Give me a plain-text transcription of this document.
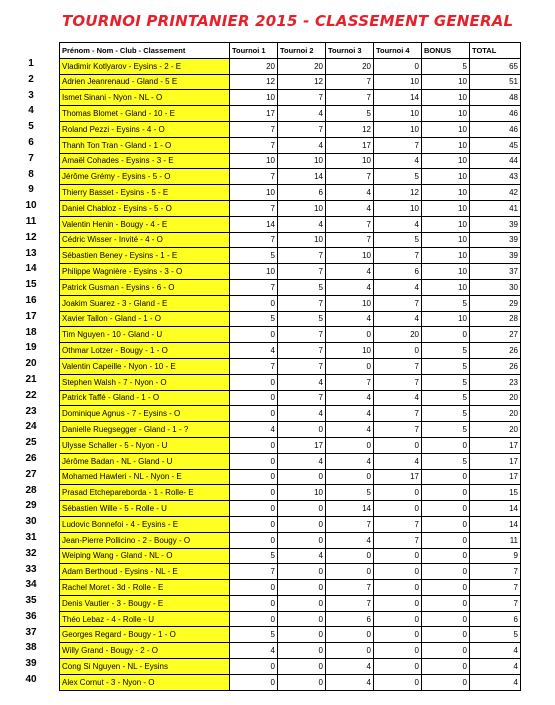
TOURNOI PRINTANIER 2015 - CLASSEMENT GENERAL
1
2
3
4
5
6
7
8
9
10
11
12
13
14
15
16
17
18
19
20
21
22
23
24
25
26
27
28
29
30
31
32
33
34
35
36
37
38
39
40
Prénom - Nom - Club - Classement	Tournoi 1	Tournoi 2	Tournoi 3	Tournoi 4	BONUS	TOTAL
Vladimir Kotlyarov - Eysins - 2 - E	20	20	20	0	5	65
Adrien Jeanrenaud - Gland - 5 E	12	12	7	10	10	51
Ismet Sinani - Nyon - NL - O	10	7	7	14	10	48
Thomas Blomet - Gland - 10 - E	17	4	5	10	10	46
Roland Pezzi - Eysins - 4 - O	7	7	12	10	10	46
Thanh Ton Tran - Gland - 1 - O	7	4	17	7	10	45
Amaël Cohades - Eysins - 3 - E	10	10	10	4	10	44
Jérôme Grémy - Eysins - 5 - O	7	14	7	5	10	43
Thierry Basset - Eysins - 5 - E	10	6	4	12	10	42
Daniel Chabloz - Eysins - 5 - O	7	10	4	10	10	41
Valentin Henin - Bougy - 4 - E	14	4	7	4	10	39
Cédric Wisser - Invité - 4 - O	7	10	7	5	10	39
Sébastien Beney - Eysins - 1 - E	5	7	10	7	10	39
Philippe Wagnière - Eysins - 3 - O	10	7	4	6	10	37
Patrick Gusman - Eysins - 6 - O	7	5	4	4	10	30
Joakim Suarez - 3 - Gland - E	0	7	10	7	5	29
Xavier Tallon - Gland - 1 - O	5	5	4	4	10	28
Tim Nguyen - 10 - Gland - U	0	7	0	20	0	27
Othmar Lotzer - Bougy - 1 - O	4	7	10	0	5	26
Valentin Capeille - Nyon - 10 - E	7	7	0	7	5	26
Stephen Walsh - 7 - Nyon - O	0	4	7	7	5	23
Patrick Taffé - Gland - 1 - O	0	7	4	4	5	20
Dominique Agnus - 7 - Eysins - O	0	4	4	7	5	20
Danielle Ruegsegger - Gland - 1 - ?	4	0	4	7	5	20
Ulysse Schaller - 5 - Nyon - U	0	17	0	0	0	17
Jérôme Badan - NL - Gland - U	0	4	4	4	5	17
Mohamed Hawleri - NL - Nyon - E	0	0	0	17	0	17
Prasad Etchepareborda - 1 - Rolle- E	0	10	5	0	0	15
Sébastien Wille - 5 - Rolle - U	0	0	14	0	0	14
Ludovic Bonnefoi - 4 - Eysins - E	0	0	7	7	0	14
Jean-Pierre Pollicino - 2 - Bougy - O	0	0	4	7	0	11
Weiping Wang - Gland - NL - O	5	4	0	0	0	9
Adam Berthoud - Eysins - NL - E	7	0	0	0	0	7
Rachel Moret - 3d - Rolle - E	0	0	7	0	0	7
Denis Vautier - 3 - Bougy - E	0	0	7	0	0	7
Théo Lebaz - 4 - Rolle - U	0	0	6	0	0	6
Georges Regard - Bougy - 1 - O	5	0	0	0	0	5
Willy Grand - Bougy - 2 - O	4	0	0	0	0	4
Cong Si Nguyen - NL - Eysins	0	0	4	0	0	4
Alex Cornut - 3 - Nyon - O	0	0	4	0	0	4
